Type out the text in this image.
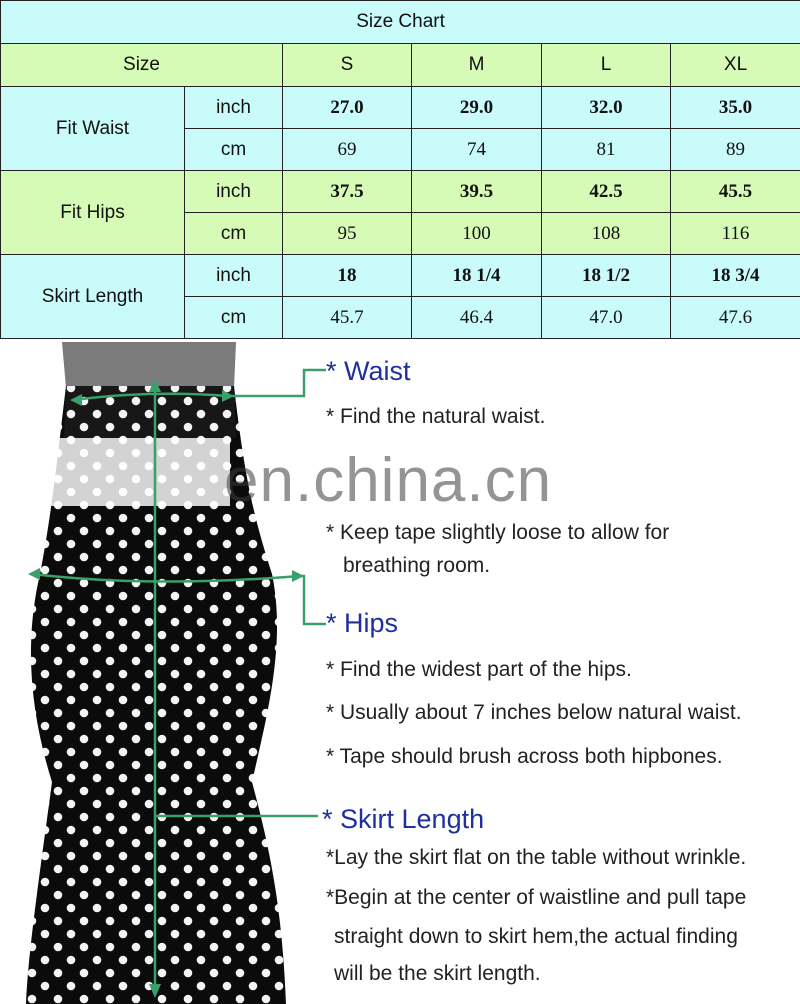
Size Chart					
Size		S	M	L	XL
Fit Waist	inch	27.0	29.0	32.0	35.0
	cm	69	74	81	89
Fit Hips	inch	37.5	39.5	42.5	45.5
	cm	95	100	108	116
Skirt Length	inch	18	18 1/4	18 1/2	18 3/4
	cm	45.7	46.4	47.0	47.6
en.china.cn
* Waist
* Find the natural waist.
* Keep tape slightly loose to allow for
breathing room.
* Hips
* Find the widest part of the hips.
* Usually about 7 inches below natural waist.
* Tape should brush across both hipbones.
* Skirt Length
*Lay the skirt flat on the table without wrinkle.
*Begin at the center of waistline and pull tape
straight down to skirt hem,the actual finding
will be the skirt length.
